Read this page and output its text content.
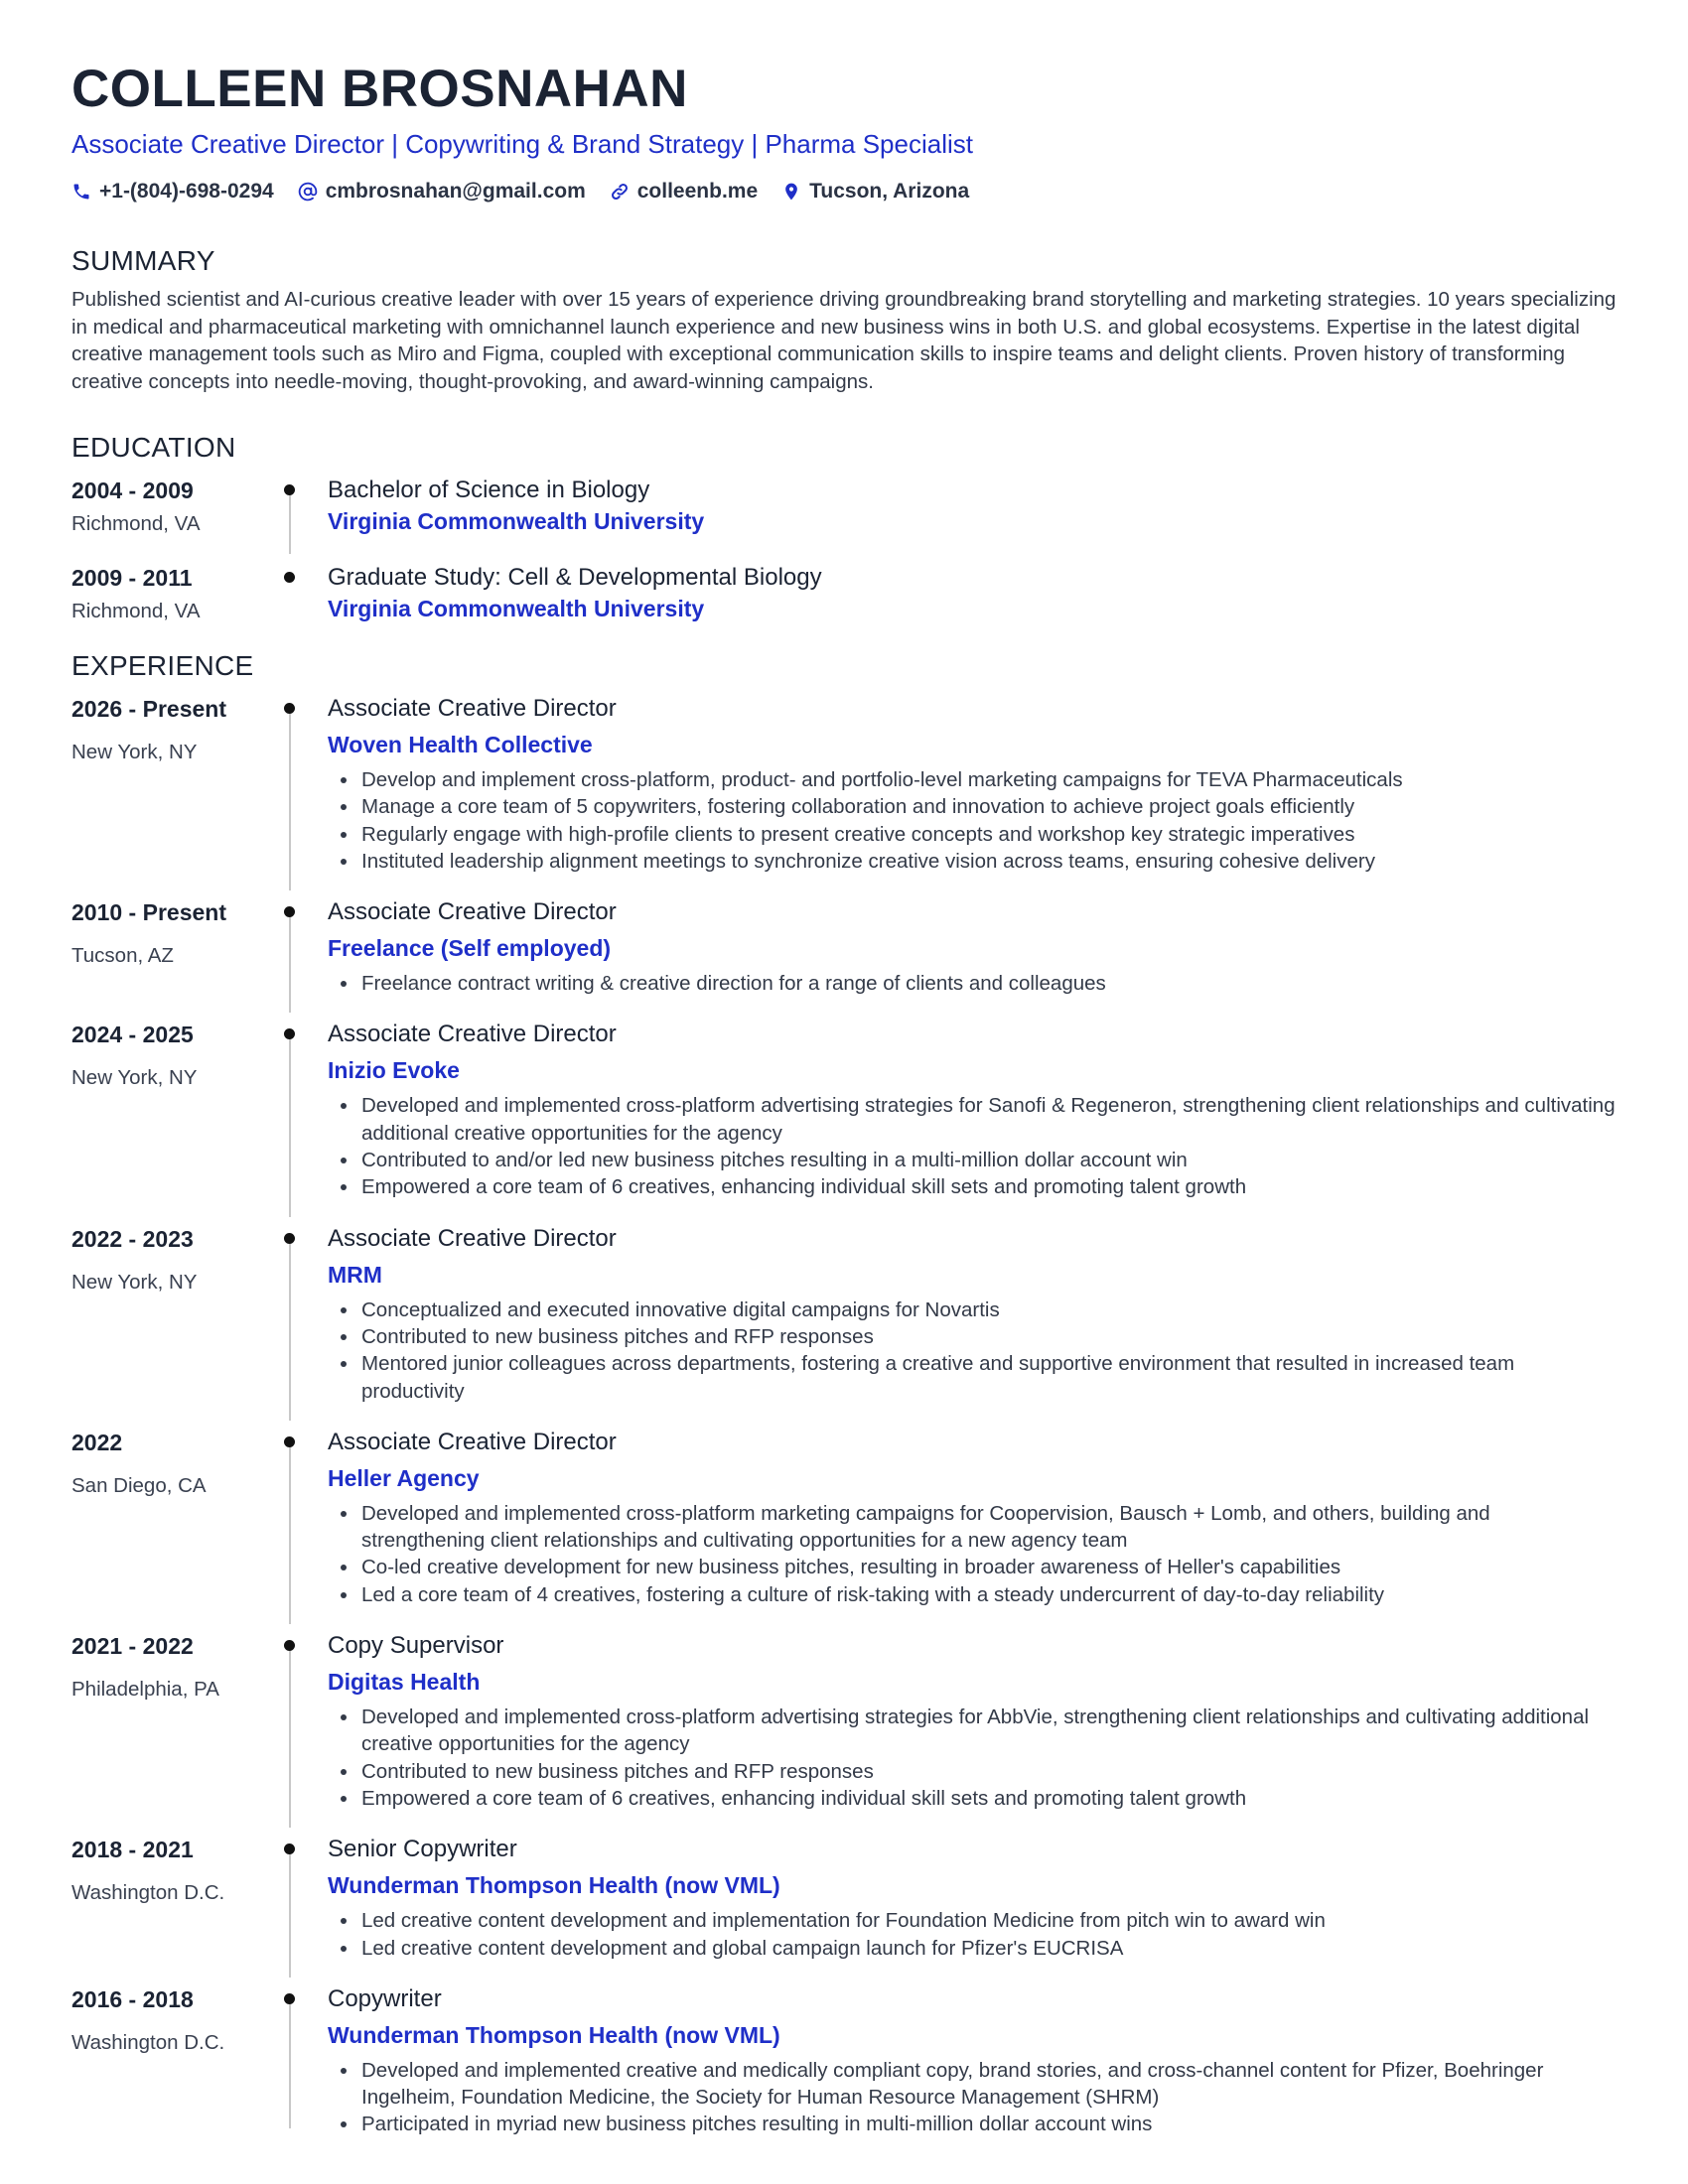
COLLEEN BROSNAHAN
Associate Creative Director | Copywriting & Brand Strategy | Pharma Specialist
+1-(804)-698-0294 cmbrosnahan@gmail.com colleenb.me Tucson, Arizona
SUMMARY
Published scientist and AI-curious creative leader with over 15 years of experience driving groundbreaking brand storytelling and marketing strategies. 10 years specializing in medical and pharmaceutical marketing with omnichannel launch experience and new business wins in both U.S. and global ecosystems. Expertise in the latest digital creative management tools such as Miro and Figma, coupled with exceptional communication skills to inspire teams and delight clients. Proven history of transforming creative concepts into needle-moving, thought-provoking, and award-winning campaigns.
EDUCATION
2004 - 2009
Richmond, VA
Bachelor of Science in Biology
Virginia Commonwealth University
2009 - 2011
Richmond, VA
Graduate Study: Cell & Developmental Biology
Virginia Commonwealth University
EXPERIENCE
2026 - Present
New York, NY
Associate Creative Director
Woven Health Collective
• Develop and implement cross-platform, product- and portfolio-level marketing campaigns for TEVA Pharmaceuticals
• Manage a core team of 5 copywriters, fostering collaboration and innovation to achieve project goals efficiently
• Regularly engage with high-profile clients to present creative concepts and workshop key strategic imperatives
• Instituted leadership alignment meetings to synchronize creative vision across teams, ensuring cohesive delivery
2010 - Present
Tucson, AZ
Associate Creative Director
Freelance (Self employed)
• Freelance contract writing & creative direction for a range of clients and colleagues
2024 - 2025
New York, NY
Associate Creative Director
Inizio Evoke
• Developed and implemented cross-platform advertising strategies for Sanofi & Regeneron, strengthening client relationships and cultivating additional creative opportunities for the agency
• Contributed to and/or led new business pitches resulting in a multi-million dollar account win
• Empowered a core team of 6 creatives, enhancing individual skill sets and promoting talent growth
2022 - 2023
New York, NY
Associate Creative Director
MRM
• Conceptualized and executed innovative digital campaigns for Novartis
• Contributed to new business pitches and RFP responses
• Mentored junior colleagues across departments, fostering a creative and supportive environment that resulted in increased team productivity
2022
San Diego, CA
Associate Creative Director
Heller Agency
• Developed and implemented cross-platform marketing campaigns for Coopervision, Bausch + Lomb, and others, building and strengthening client relationships and cultivating opportunities for a new agency team
• Co-led creative development for new business pitches, resulting in broader awareness of Heller's capabilities
• Led a core team of 4 creatives, fostering a culture of risk-taking with a steady undercurrent of day-to-day reliability
2021 - 2022
Philadelphia, PA
Copy Supervisor
Digitas Health
• Developed and implemented cross-platform advertising strategies for AbbVie, strengthening client relationships and cultivating additional creative opportunities for the agency
• Contributed to new business pitches and RFP responses
• Empowered a core team of 6 creatives, enhancing individual skill sets and promoting talent growth
2018 - 2021
Washington D.C.
Senior Copywriter
Wunderman Thompson Health (now VML)
• Led creative content development and implementation for Foundation Medicine from pitch win to award win
• Led creative content development and global campaign launch for Pfizer's EUCRISA
2016 - 2018
Washington D.C.
Copywriter
Wunderman Thompson Health (now VML)
• Developed and implemented creative and medically compliant copy, brand stories, and cross-channel content for Pfizer, Boehringer Ingelheim, Foundation Medicine, the Society for Human Resource Management (SHRM)
• Participated in myriad new business pitches resulting in multi-million dollar account wins
